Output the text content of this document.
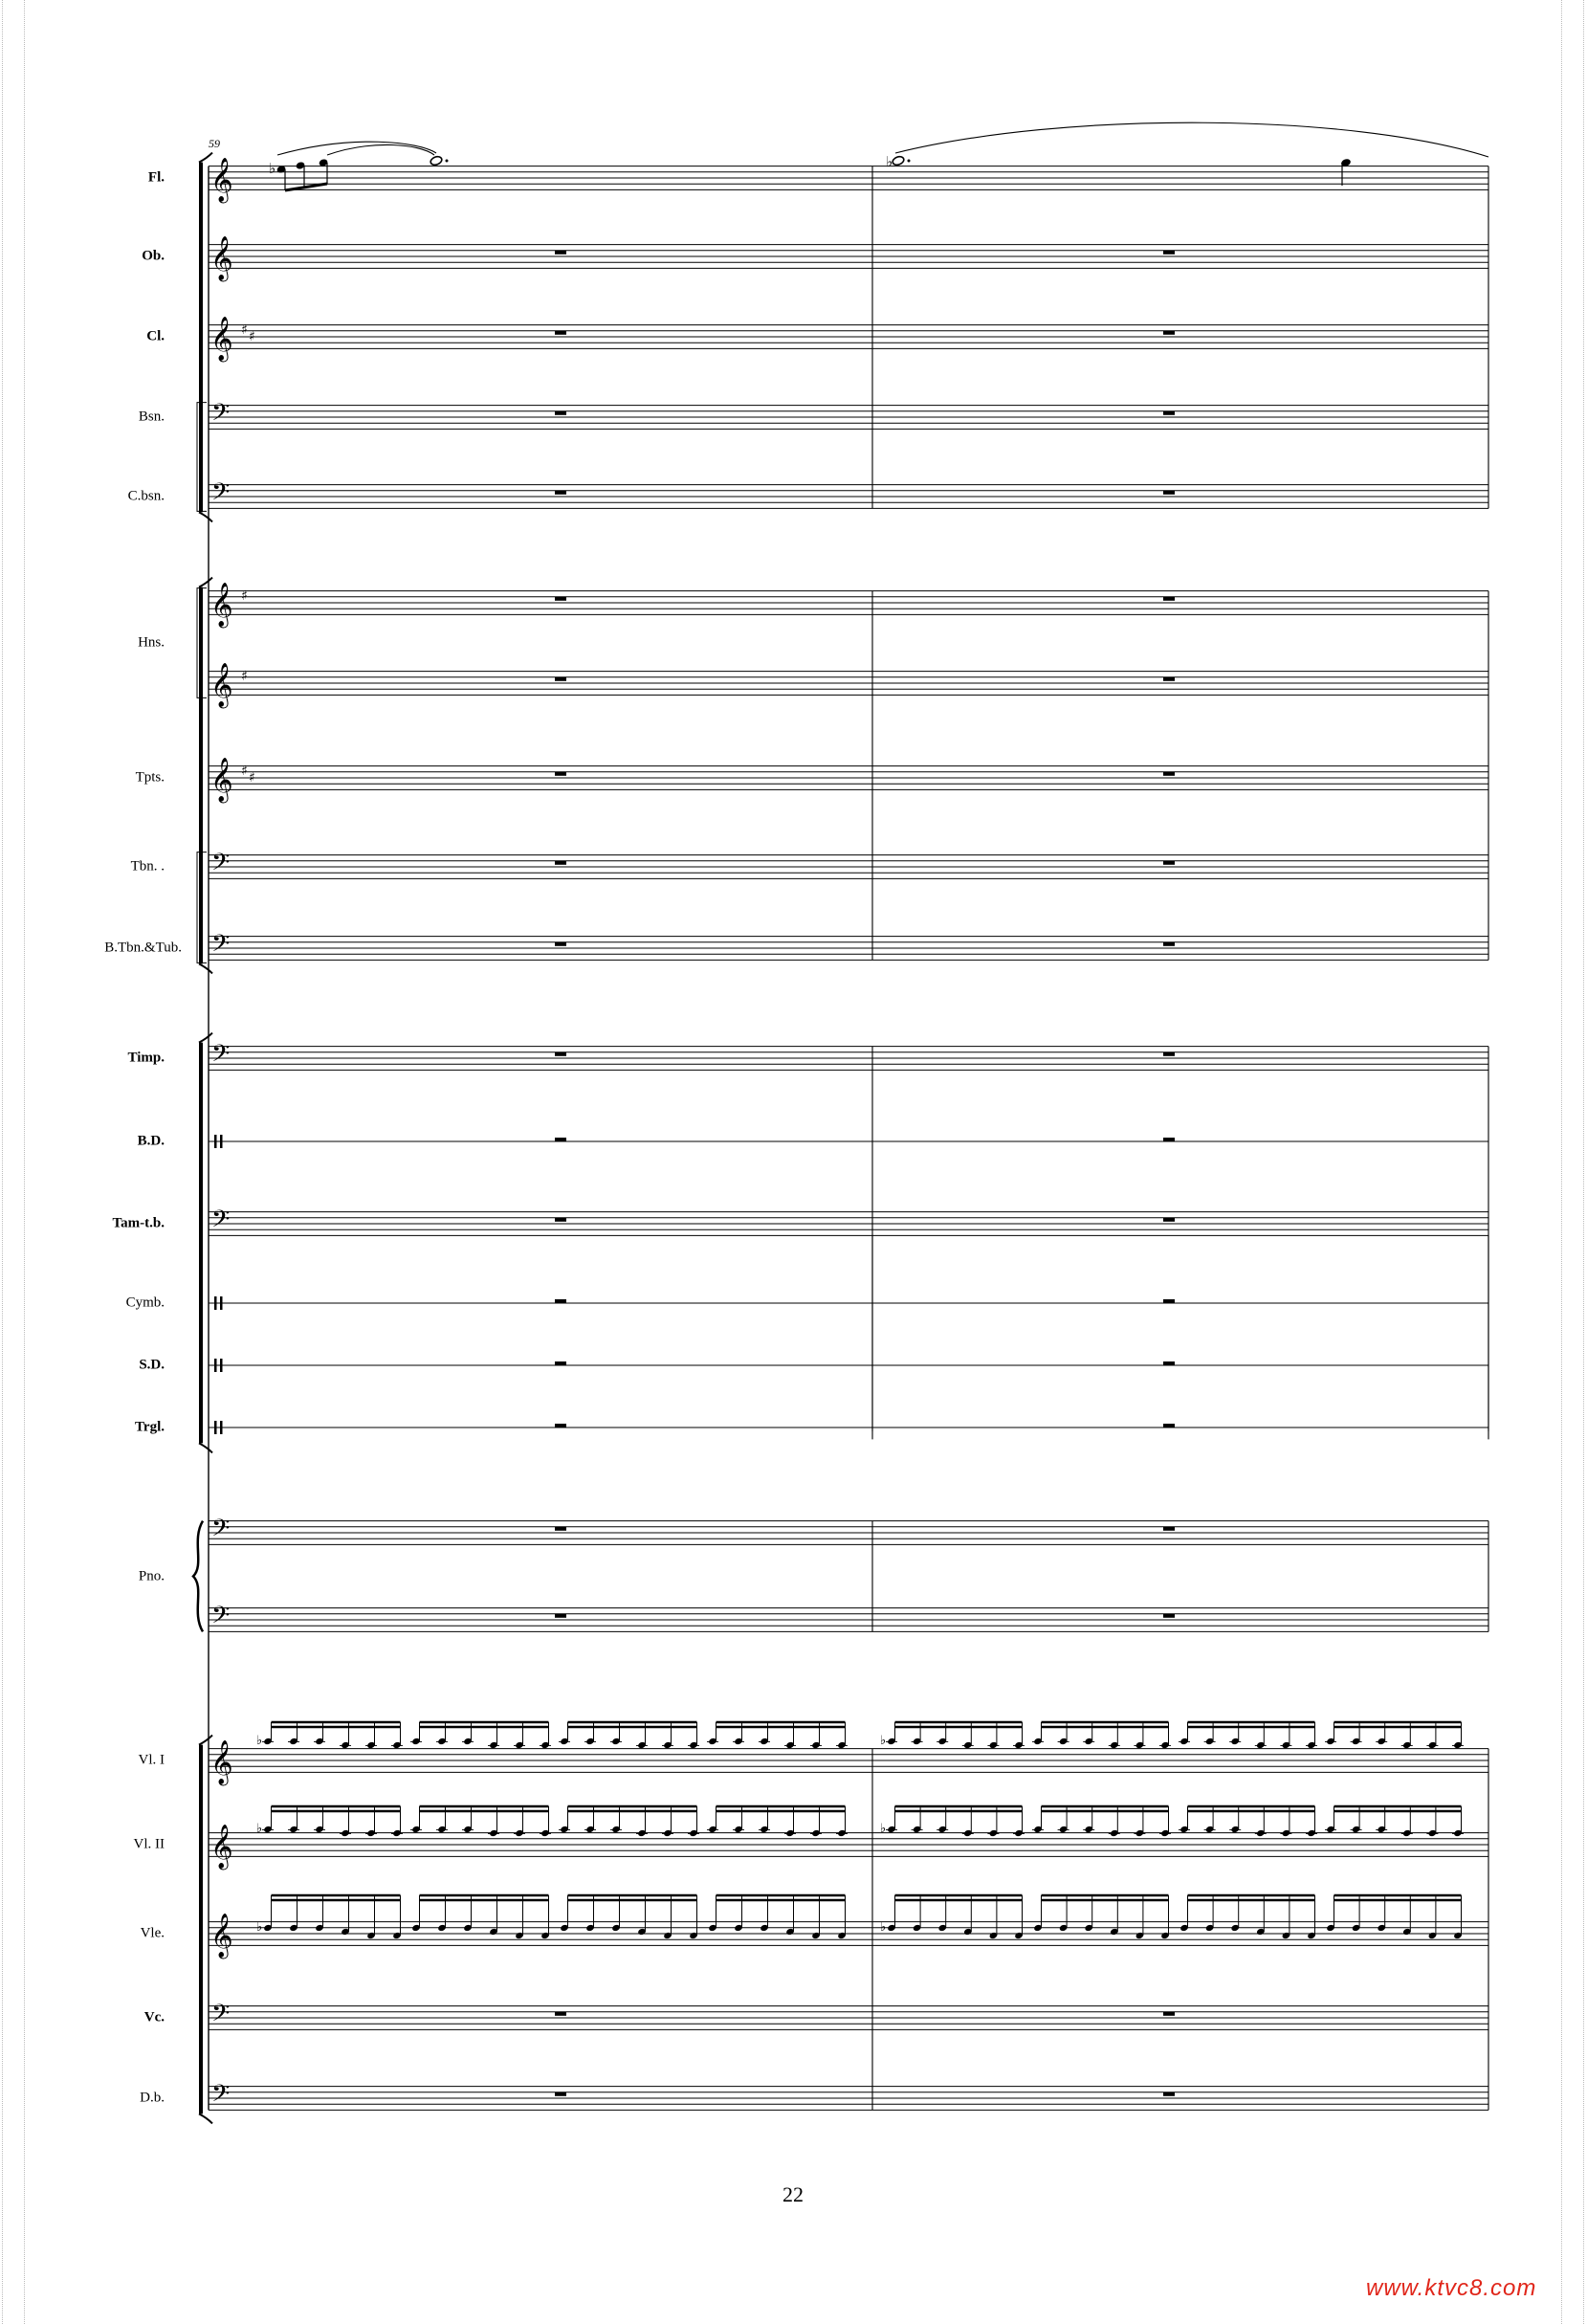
𝄞 ♭	♭
𝄞
𝄞 ♯ ♯
𝄢
𝄢
𝄞 ♯
𝄞 ♯
𝄞 ♯ ♯
𝄢
𝄢
𝄢
𝄢
𝄢
𝄢
𝄞 ♭	♭
𝄞 ♭	♭
𝄞 ♭	♭
𝄢
𝄢
Fl.
Ob.
Cl.
Bsn.
C.bsn.
Hns.
Tpts.
Tbn. .
B.Tbn.&Tub.
Timp.
B.D.
Tam-t.b.
Cymb.
S.D.
Trgl.
Pno.
Vl. I
Vl. II
Vle.
Vc.
D.b.
59
22
www.ktvc8.com
